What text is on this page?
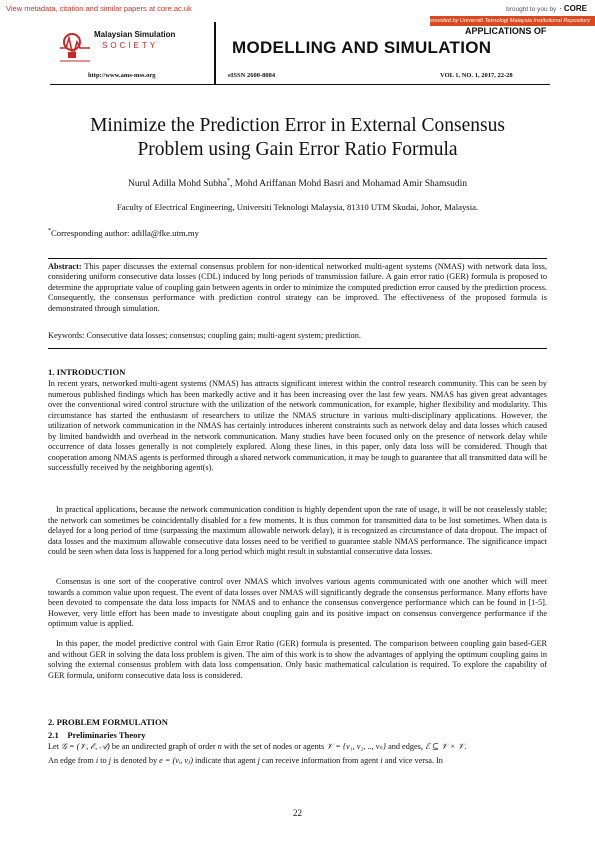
View metadata, citation and similar papers at core.ac.uk	brought to you by ◔ CORE
provided by Universiti Teknologi Malaysia Institutional Repository
Malaysian Simulation
SOCIETY
APPLICATIONS OF
MODELLING AND SIMULATION
http://www.ams-mss.org	eISSN 2600-8084	VOL 1, NO. 1, 2017, 22-28
Minimize the Prediction Error in External Consensus
Problem using Gain Error Ratio Formula
Nurul Adilla Mohd Subha*, Mohd Ariffanan Mohd Basri and Mohamad Amir Shamsudin
Faculty of Electrical Engineering, Universiti Teknologi Malaysia, 81310 UTM Skudai, Johor, Malaysia.
*Corresponding author: adilla@fke.utm.my
Abstract: This paper discusses the external consensus problem for non-identical networked multi-agent systems (NMAS) with network data loss, considering uniform consecutive data losses (CDL) induced by long periods of transmission failure. A gain error ratio (GER) formula is proposed to determine the appropriate value of coupling gain between agents in order to minimize the computed prediction error caused by the prediction process. Consequently, the consensus performance with prediction control strategy can be improved. The effectiveness of the proposed formula is demonstrated through simulation.
Keywords: Consecutive data losses; consensus; coupling gain; multi-agent system; prediction.
1. INTRODUCTION
In recent years, networked multi-agent systems (NMAS) has attracts significant interest within the control research community. This can be seen by numerous published findings which has been markedly active and it has been increasing over the last few years. NMAS has given great advantages over the conventional wired control structure with the utilization of the network communication, for example, higher flexibility and modularity. This circumstance has started the enthusiasm of researchers to utilize the NMAS structure in various multi-disciplinary applications. However, the utilization of network communication in the NMAS has certainly introduces inherent constraints such as network delay and data losses which caused by limited bandwidth and overhead in the network communication. Many studies have been focused only on the presence of network delay while occurrence of data losses generally is not completely explored. Along these lines, in this paper, only data loss will be considered. Though that cooperation among NMAS agents is performed through a shared network communication, it may be tough to guarantee that all transmitted data will be successfully received by the neighboring agent(s).
In practical applications, because the network communication condition is highly dependent upon the rate of usage, it will be not ceaselessly stable; the network can sometimes be coincidentally disabled for a few moments. It is thus common for transmitted data to be lost sometimes. When data is delayed for a long period of time (surpassing the maximum allowable network delay), it is recognized as circumstance of data dropout. The impact of data losses and the maximum allowable consecutive data losses need to be verified to guarantee stable NMAS performance. The significance impact could be seen when data loss is happened for a long period which might result in substantial consecutive data losses.
Consensus is one sort of the cooperative control over NMAS which involves various agents communicated with one another which will meet towards a common value upon request. The event of data losses over NMAS will significantly degrade the consensus performance. Many efforts have been devoted to compensate the data loss impacts for NMAS and to enhance the consensus convergence performance which can be found in [1-5]. However, very little effort has been made to investigate about coupling gain and its positive impact on consensus convergence performance if the optimum value is applied.
In this paper, the model predictive control with Gain Error Ratio (GER) formula is presented. The comparison between coupling gain based-GER and without GER in solving the data loss problem is given. The aim of this work is to show the advantages of applying the optimum coupling gains in solving the external consensus problem with data loss compensation. Only basic mathematical calculation is required. To explore the capability of GER formula, uniform consecutive data loss is considered.
2. PROBLEM FORMULATION
2.1 Preliminaries Theory
Let 𝒢 = (𝒱, ℰ, 𝒜) be an undirected graph of order n with the set of nodes or agents 𝒱 = {v₁, v₂, .., vₙ} and edges, ℰ ⊆ 𝒱 × 𝒱.
An edge from i to j is denoted by e = (vᵢ, vⱼ) indicate that agent j can receive information from agent i and vice versa. In
22
